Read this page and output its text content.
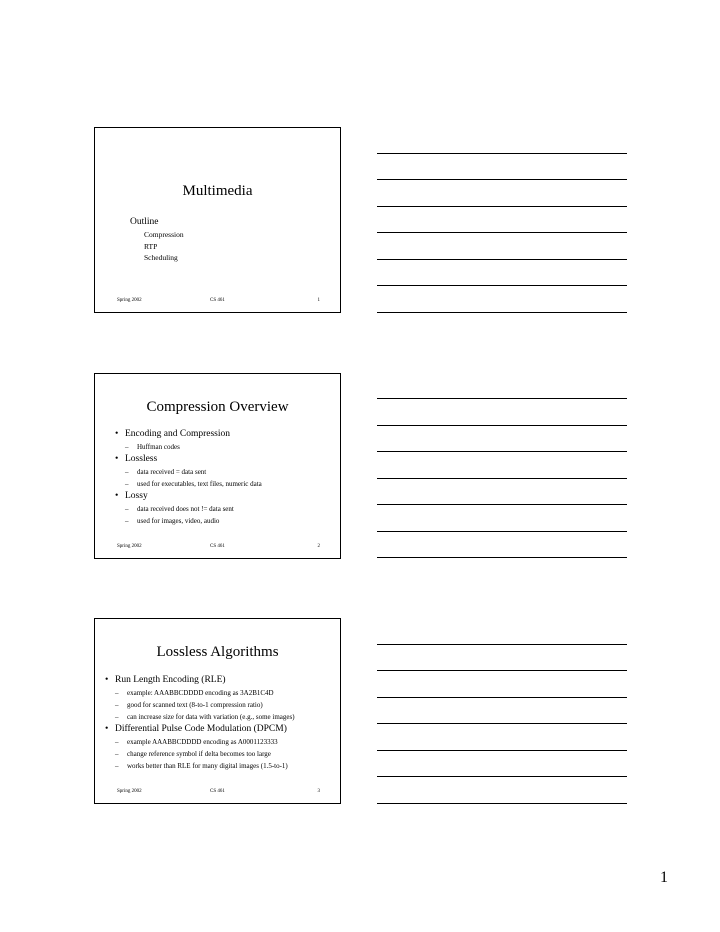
Multimedia
Outline
Compression
RTP
Scheduling
Spring 2002	CS 461	1
Compression Overview
• Encoding and Compression
– Huffman codes
• Lossless
– data received = data sent
– used for executables, text files, numeric data
• Lossy
– data received does not != data sent
– used for images, video, audio
Spring 2002	CS 461	2
Lossless Algorithms
• Run Length Encoding (RLE)
– example: AAABBCDDDD encoding as 3A2B1C4D
– good for scanned text (8-to-1 compression ratio)
– can increase size for data with variation (e.g., some images)
• Differential Pulse Code Modulation (DPCM)
– example AAABBCDDDD encoding as A0001123333
– change reference symbol if delta becomes too large
– works better than RLE for many digital images (1.5-to-1)
Spring 2002	CS 461	3
1
